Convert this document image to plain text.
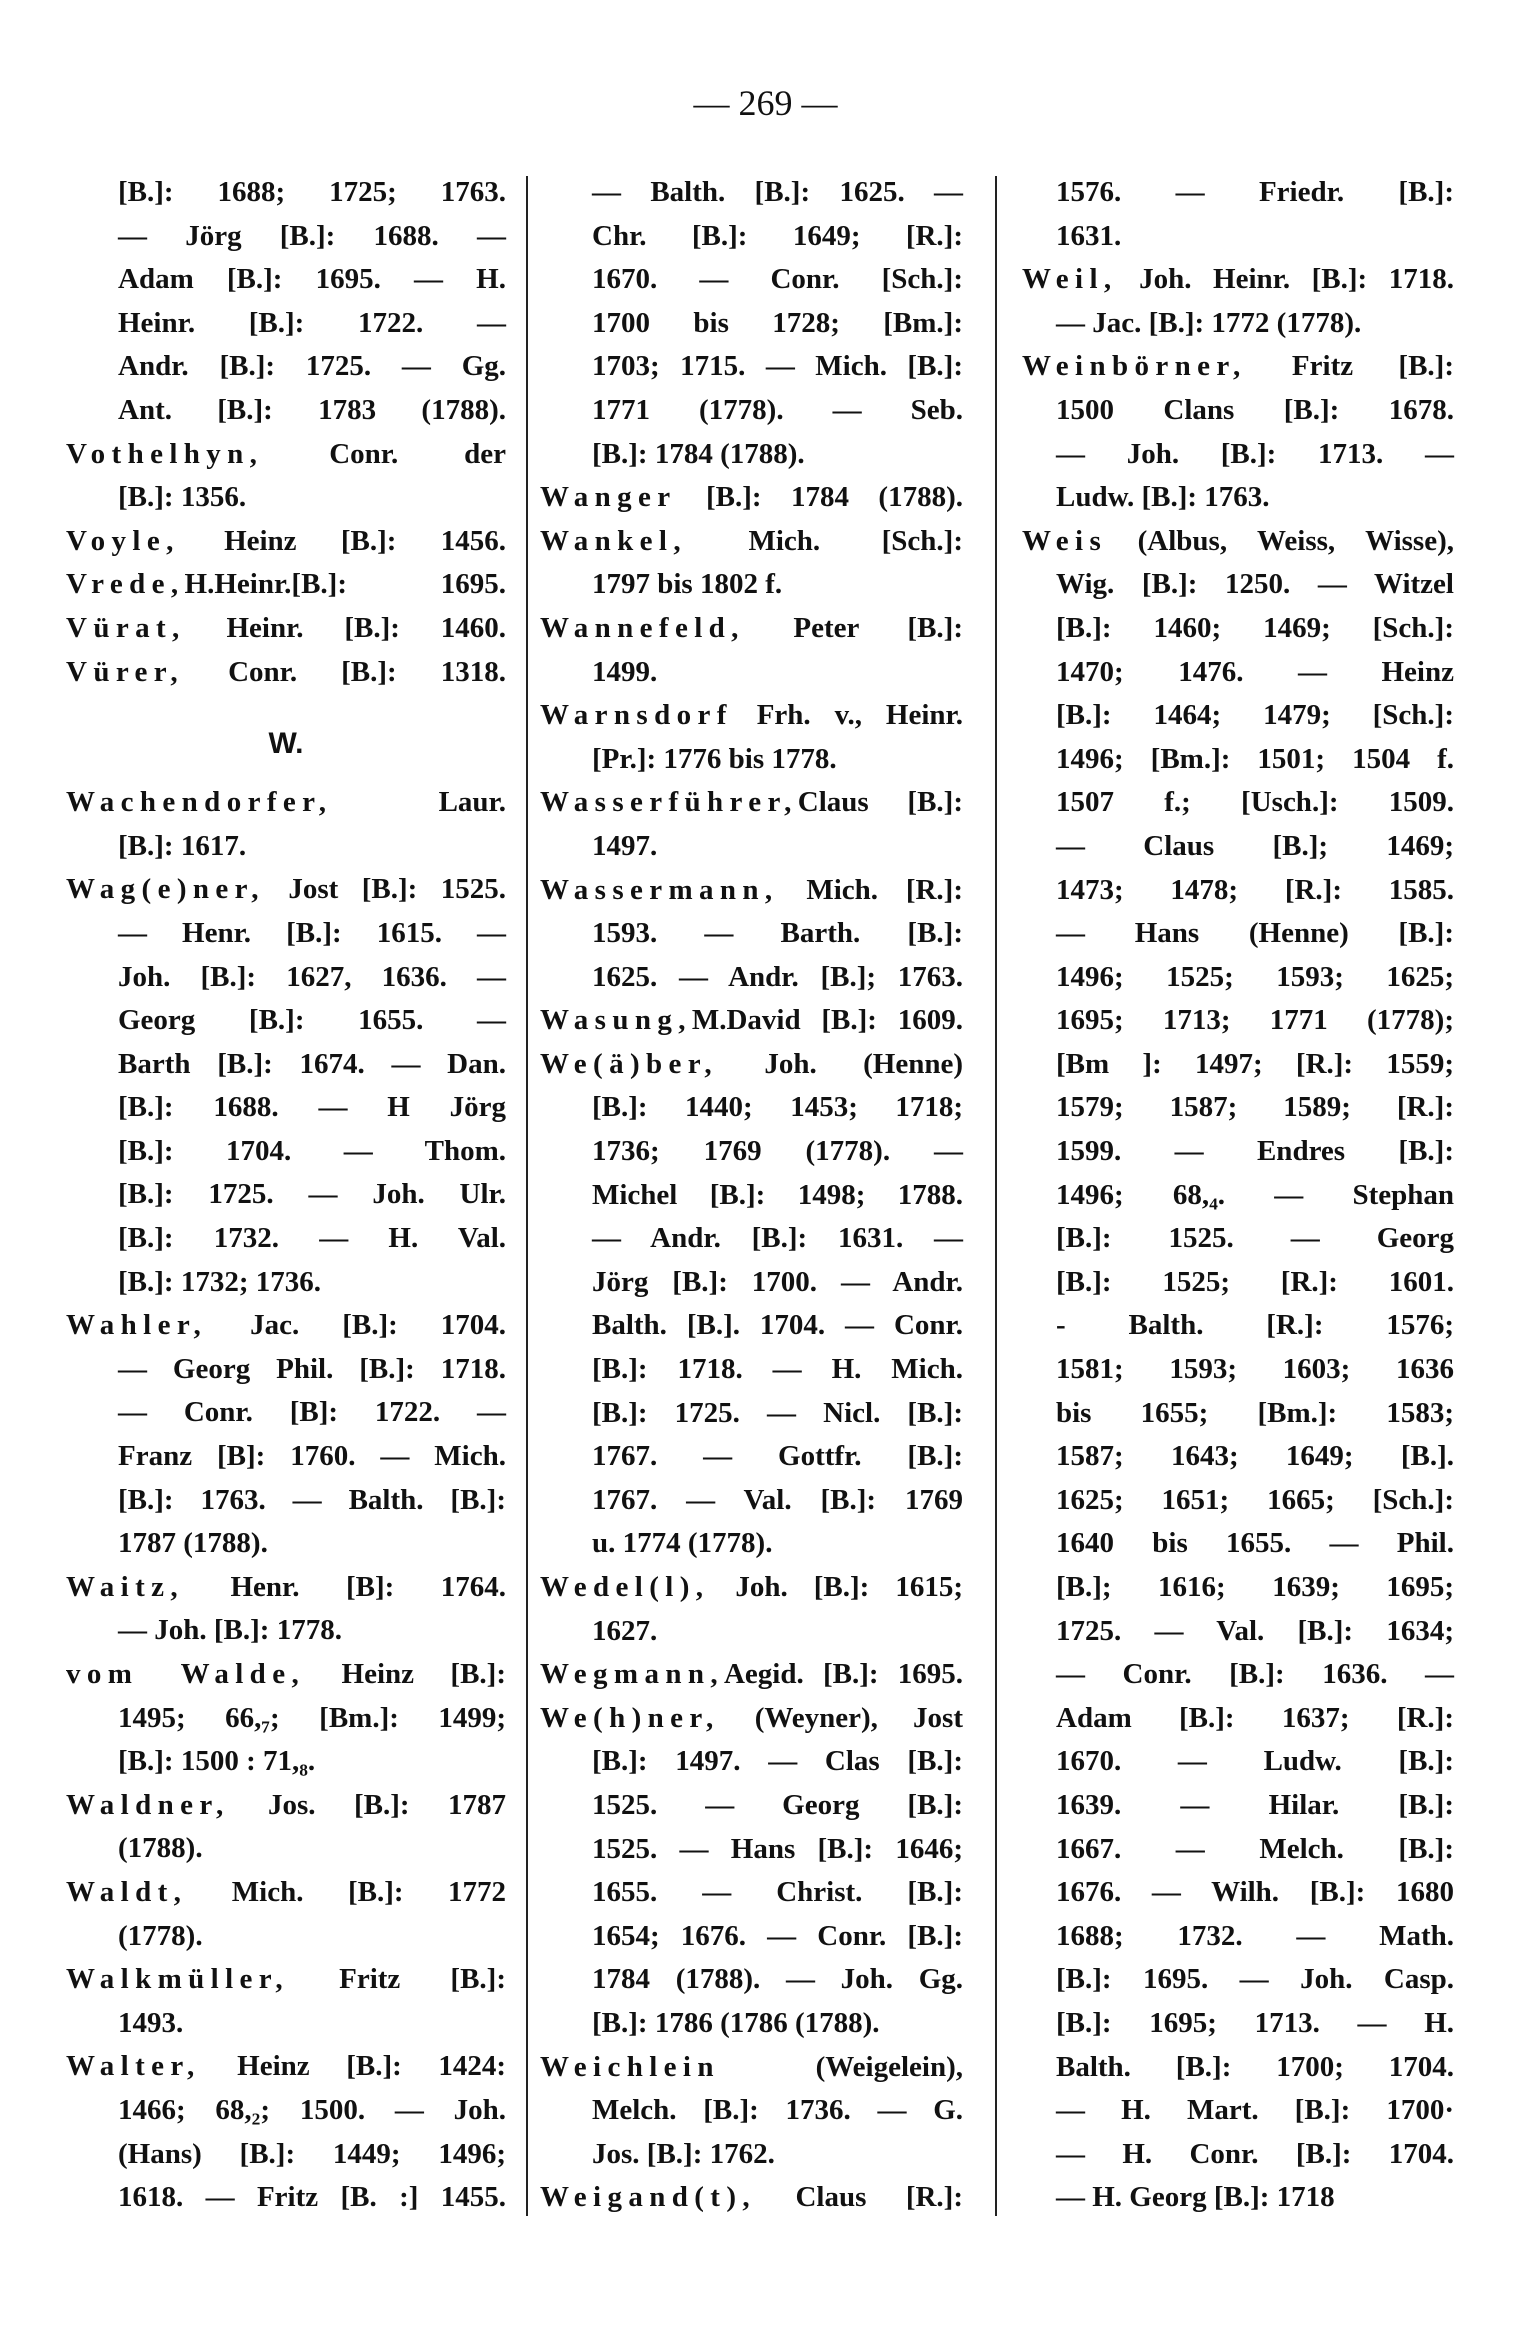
— 269 —
[B.]: 1688; 1725; 1763.
— Jörg [B.]: 1688. —
Adam [B.]: 1695. — H.
Heinr. [B.]: 1722. —
Andr. [B.]: 1725. — Gg.
Ant. [B.]: 1783 (1788).
Vothelhyn, Conr. der
[B.]: 1356.
Voyle, Heinz [B.]: 1456.
Vrede,H.Heinr.[B.]: 1695.
Vürat, Heinr. [B.]: 1460.
Vürer, Conr. [B.]: 1318.
W.
Wachendorfer, Laur.
[B.]: 1617.
Wag(e)ner, Jost [B.]: 1525.
— Henr. [B.]: 1615. —
Joh. [B.]: 1627, 1636. —
Georg [B.]: 1655. —
Barth [B.]: 1674. — Dan.
[B.]: 1688. — H Jörg
[B.]: 1704. — Thom.
[B.]: 1725. — Joh. Ulr.
[B.]: 1732. — H. Val.
[B.]: 1732; 1736.
Wahler, Jac. [B.]: 1704.
— Georg Phil. [B.]: 1718.
— Conr. [B]: 1722. —
Franz [B]: 1760. — Mich.
[B.]: 1763. — Balth. [B.]:
1787 (1788).
Waitz, Henr. [B]: 1764.
— Joh. [B.]: 1778.
vom Walde, Heinz [B.]:
1495; 66,₇; [Bm.]: 1499;
[B.]: 1500 : 71,₈.
Waldner, Jos. [B.]: 1787
(1788).
Waldt, Mich. [B.]: 1772
(1778).
Walkmüller, Fritz [B.]:
1493.
Walter, Heinz [B.]: 1424:
1466; 68,₂; 1500. — Joh.
(Hans) [B.]: 1449; 1496;
1618. — Fritz [B. :] 1455.
— Balth. [B.]: 1625. —
Chr. [B.]: 1649; [R.]:
1670. — Conr. [Sch.]:
1700 bis 1728; [Bm.]:
1703; 1715. — Mich. [B.]:
1771 (1778). — Seb.
[B.]: 1784 (1788).
Wanger [B.]: 1784 (1788).
Wankel, Mich. [Sch.]:
1797 bis 1802 f.
Wannefeld, Peter [B.]:
1499.
Warnsdorf Frh. v., Heinr.
[Pr.]: 1776 bis 1778.
Wasserführer,Claus [B.]:
1497.
Wassermann, Mich. [R.]:
1593. — Barth. [B.]:
1625. — Andr. [B.]; 1763.
Wasung,M.David [B.]: 1609.
We(ä)ber, Joh. (Henne)
[B.]: 1440; 1453; 1718;
1736; 1769 (1778). —
Michel [B.]: 1498; 1788.
— Andr. [B.]: 1631. —
Jörg [B.]: 1700. — Andr.
Balth. [B.]. 1704. — Conr.
[B.]: 1718. — H. Mich.
[B.]: 1725. — Nicl. [B.]:
1767. — Gottfr. [B.]:
1767. — Val. [B.]: 1769
u. 1774 (1778).
Wedel(l), Joh. [B.]: 1615;
1627.
Wegmann,Aegid. [B.]: 1695.
We(h)ner, (Weyner), Jost
[B.]: 1497. — Clas [B.]:
1525. — Georg [B.]:
1525. — Hans [B.]: 1646;
1655. — Christ. [B.]:
1654; 1676. — Conr. [B.]:
1784 (1788). — Joh. Gg.
[B.]: 1786 (1786 (1788).
Weichlein (Weigelein),
Melch. [B.]: 1736. — G.
Jos. [B.]: 1762.
Weigand(t), Claus [R.]:
1576. — Friedr. [B.]:
1631.
Weil, Joh. Heinr. [B.]: 1718.
— Jac. [B.]: 1772 (1778).
Weinbörner, Fritz [B.]:
1500 Clans [B.]: 1678.
— Joh. [B.]: 1713. —
Ludw. [B.]: 1763.
Weis (Albus, Weiss, Wisse),
Wig. [B.]: 1250. — Witzel
[B.]: 1460; 1469; [Sch.]:
1470; 1476. — Heinz
[B.]: 1464; 1479; [Sch.]:
1496; [Bm.]: 1501; 1504 f.
1507 f.; [Usch.]: 1509.
— Claus [B.]; 1469;
1473; 1478; [R.]: 1585.
— Hans (Henne) [B.]:
1496; 1525; 1593; 1625;
1695; 1713; 1771 (1778);
[Bm ]: 1497; [R.]: 1559;
1579; 1587; 1589; [R.]:
1599. — Endres [B.]:
1496; 68,₄. — Stephan
[B.]: 1525. — Georg
[B.]: 1525; [R.]: 1601.
- Balth. [R.]: 1576;
1581; 1593; 1603; 1636
bis 1655; [Bm.]: 1583;
1587; 1643; 1649; [B.].
1625; 1651; 1665; [Sch.]:
1640 bis 1655. — Phil.
[B.]; 1616; 1639; 1695;
1725. — Val. [B.]: 1634;
— Conr. [B.]: 1636. —
Adam [B.]: 1637; [R.]:
1670. — Ludw. [B.]:
1639. — Hilar. [B.]:
1667. — Melch. [B.]:
1676. — Wilh. [B.]: 1680
1688; 1732. — Math.
[B.]: 1695. — Joh. Casp.
[B.]: 1695; 1713. — H.
Balth. [B.]: 1700; 1704.
— H. Mart. [B.]: 1700·
— H. Conr. [B.]: 1704.
— H. Georg [B.]: 1718
